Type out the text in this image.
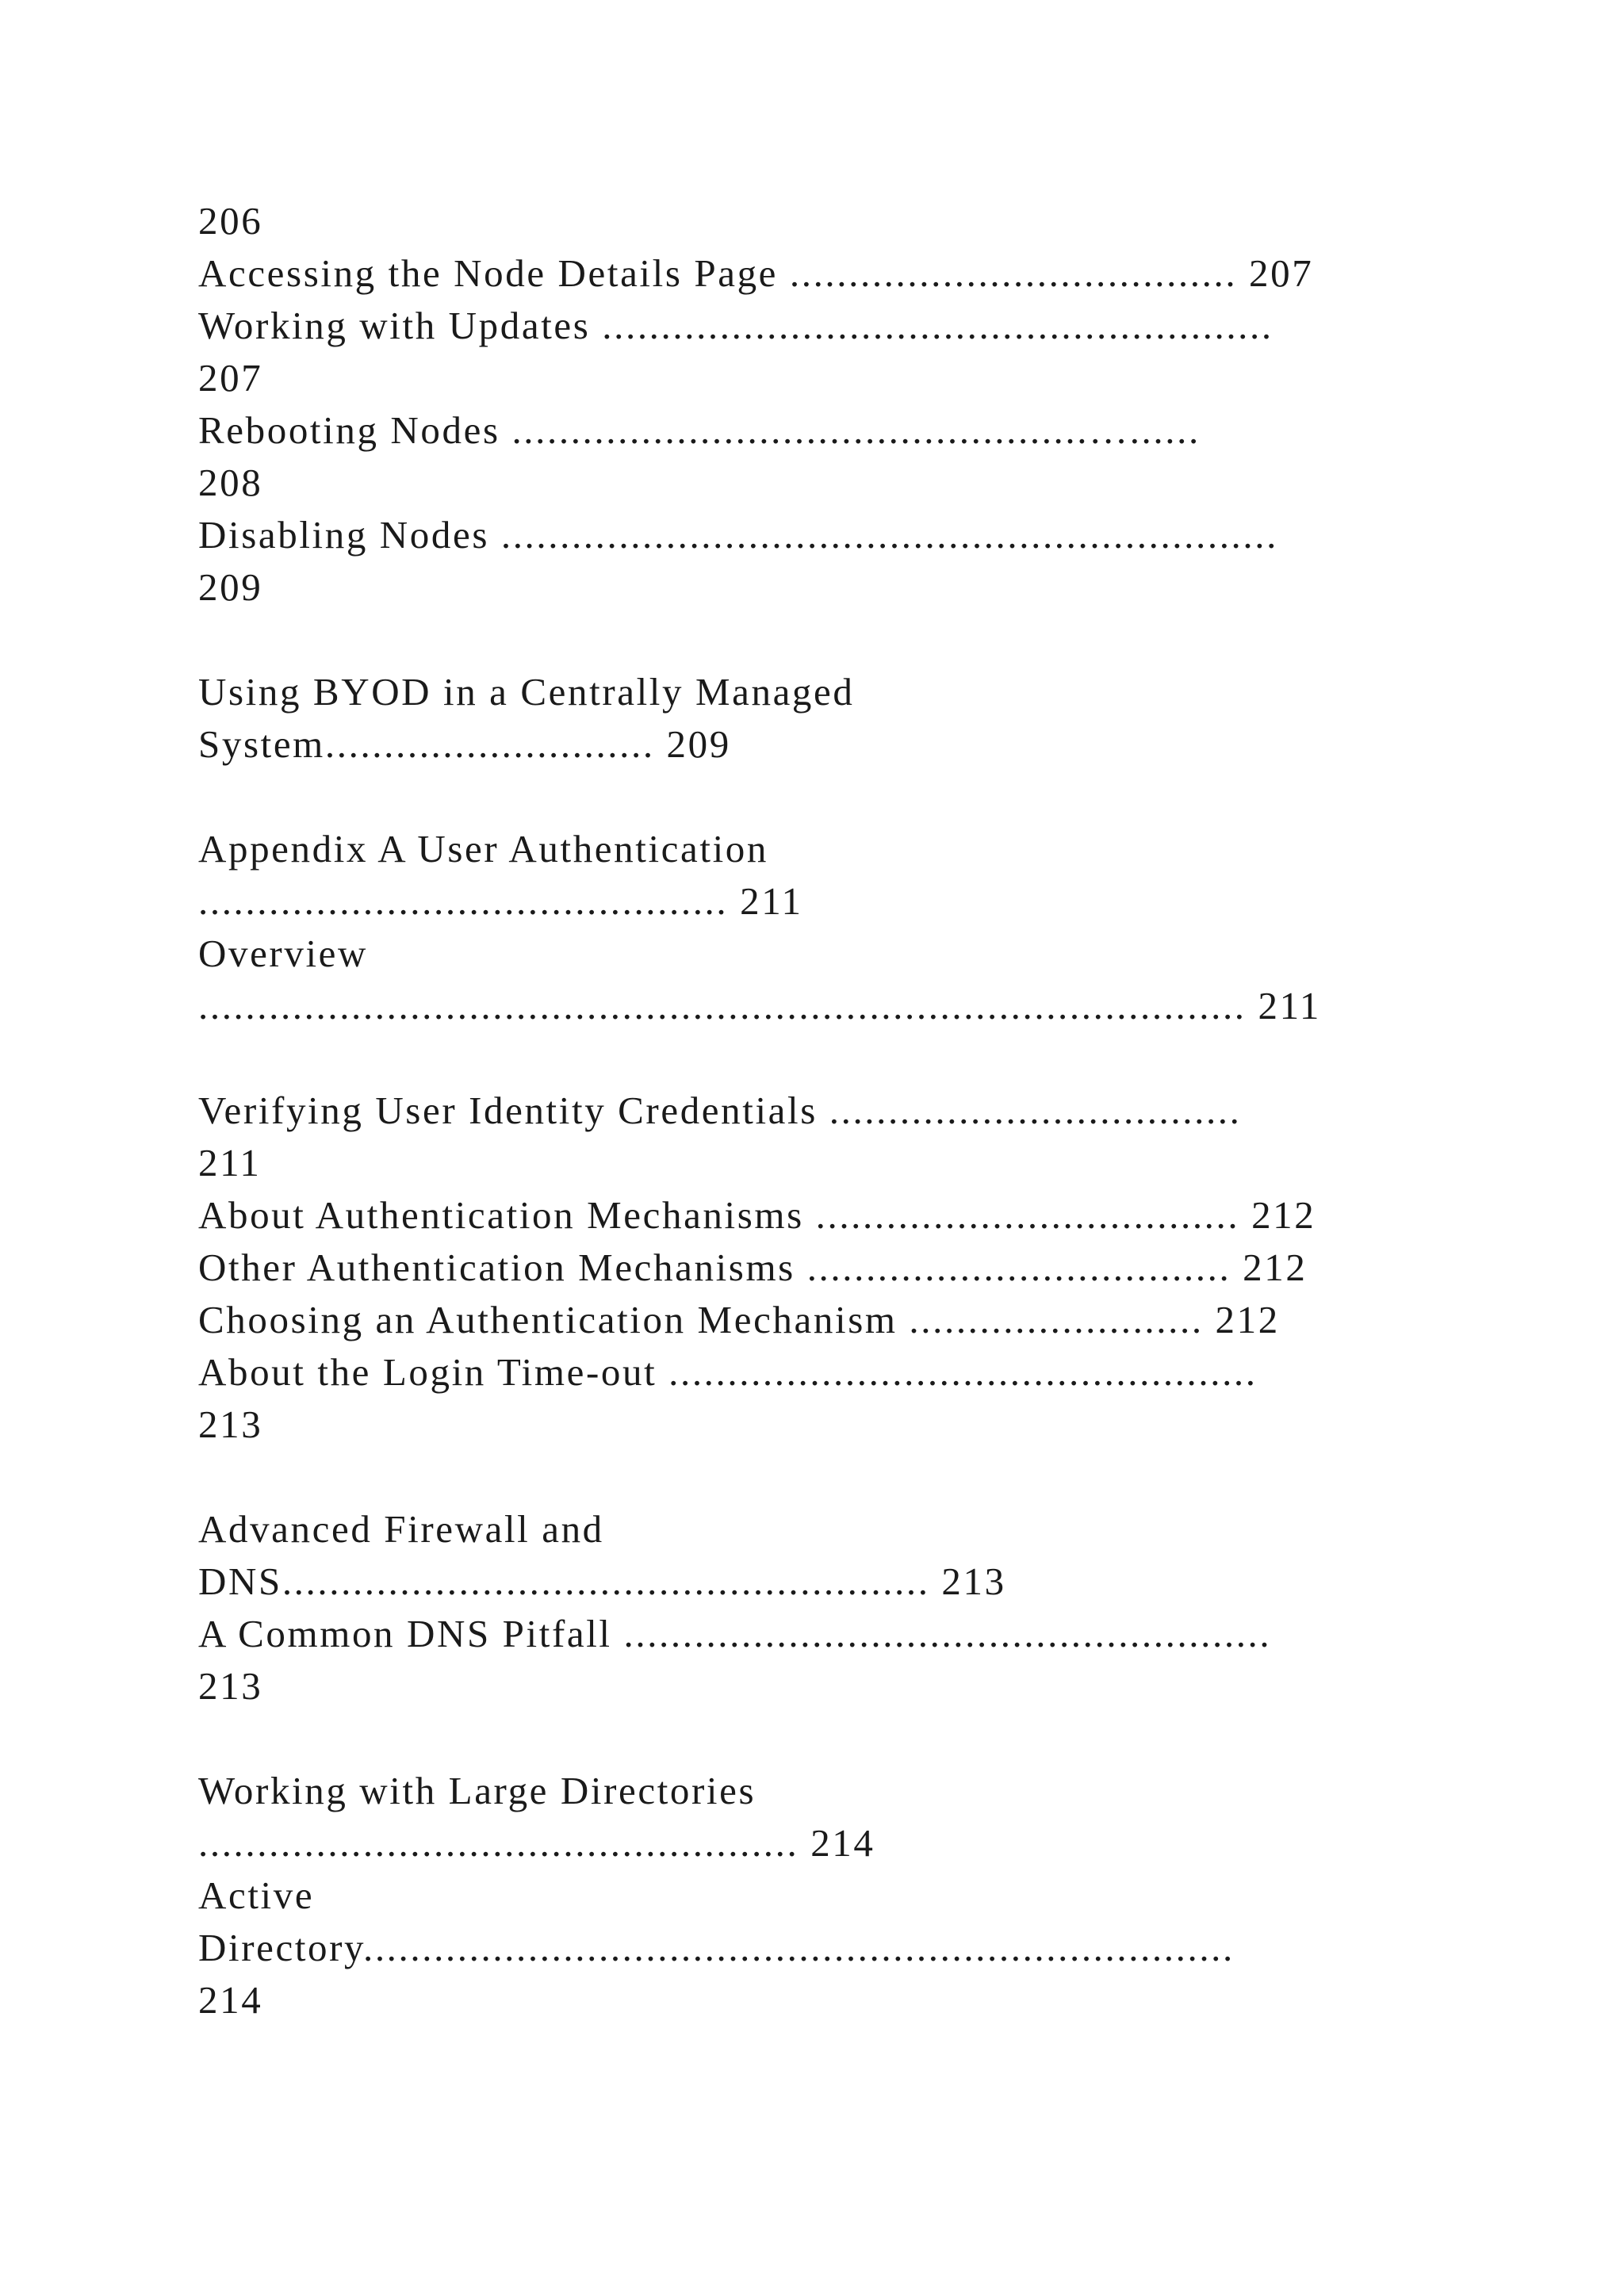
206
Accessing the Node Details Page ...................................... 207
Working with Updates .........................................................
207
Rebooting Nodes .................................................…......
208
Disabling Nodes ..................................................................
209
Using BYOD in a Centrally Managed
System............................ 209
Appendix A User Authentication
............................................. 211
Overview
......................................................................................... 211
Verifying User Identity Credentials ...................................
211
About Authentication Mechanisms .................................... 212
Other Authentication Mechanisms .................................... 212
Choosing an Authentication Mechanism ......................... 212
About the Login Time-out ..................................................
213
Advanced Firewall and
DNS....................................................... 213
A Common DNS Pitfall .......................................................
213
Working with Large Directories
................................................... 214
Active
Directory..........................................................................
214
